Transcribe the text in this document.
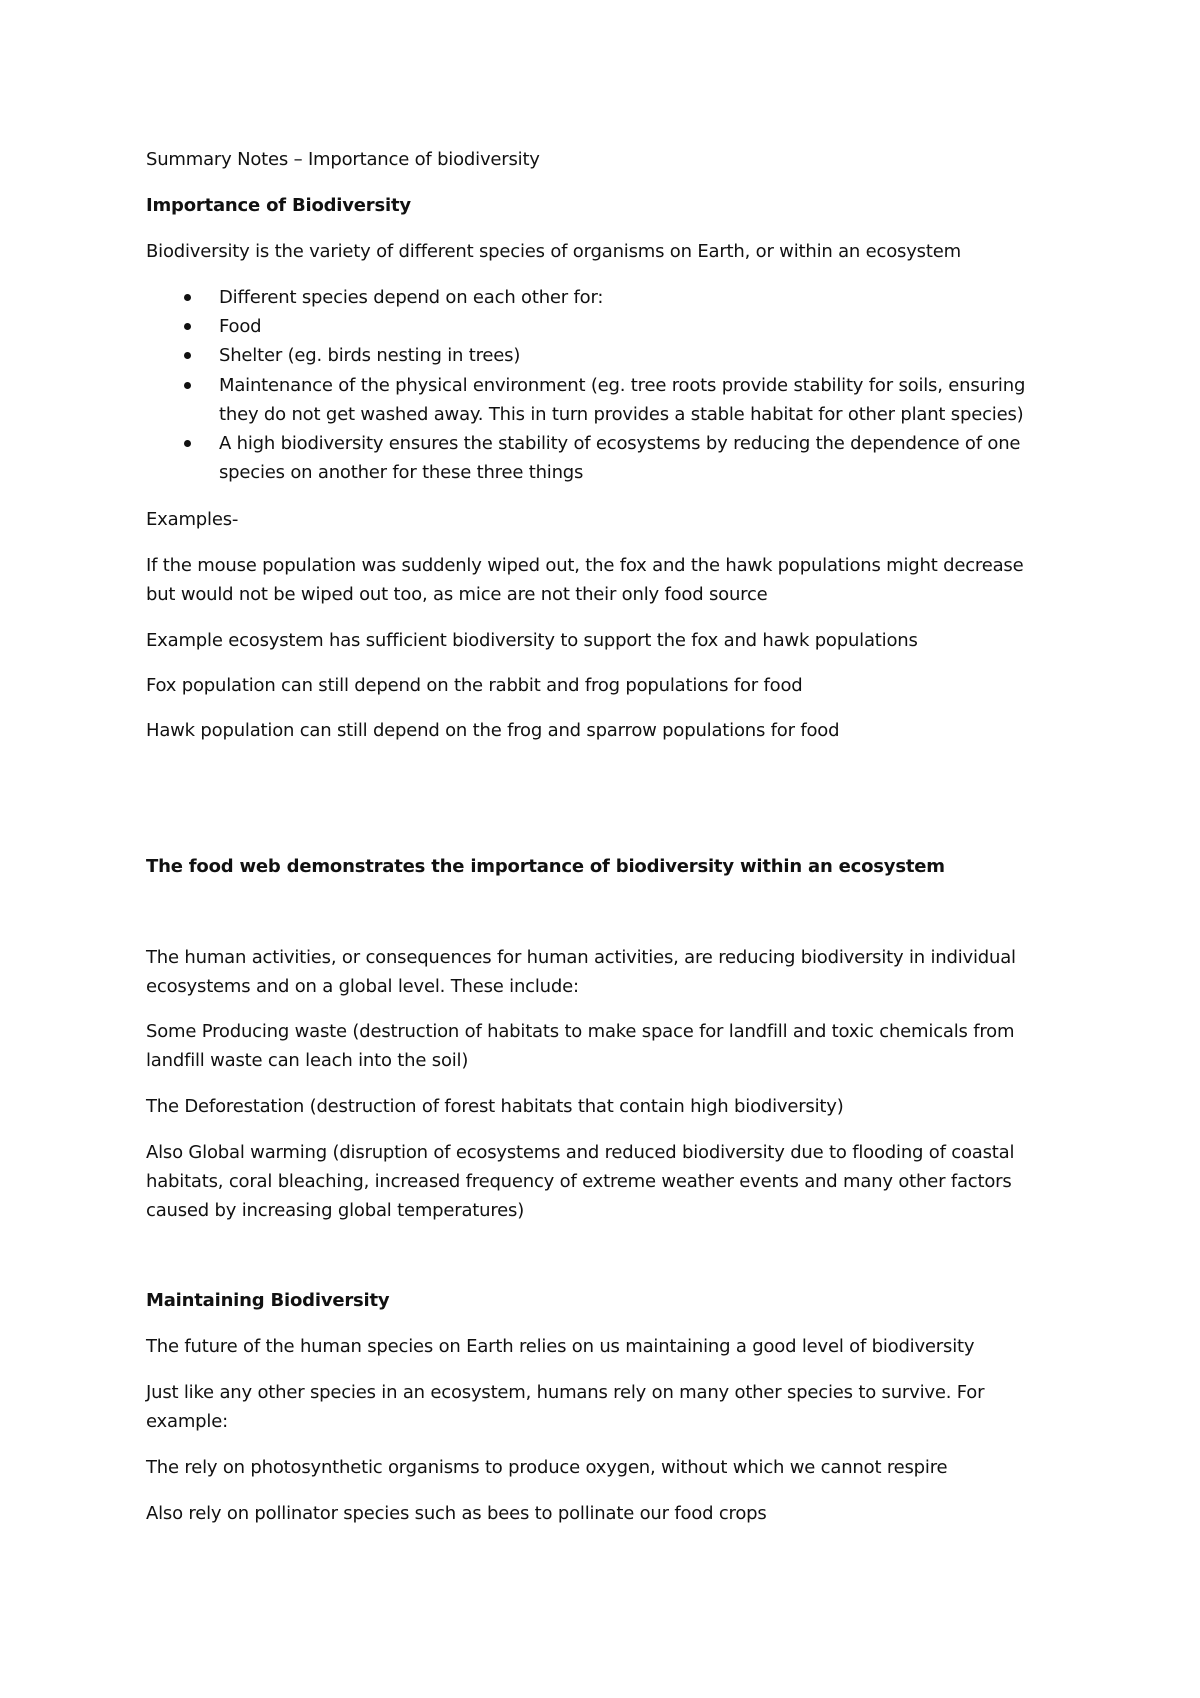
Summary Notes – Importance of biodiversity
Importance of Biodiversity
Biodiversity is the variety of different species of organisms on Earth, or within an ecosystem
Different species depend on each other for:
Food
Shelter (eg. birds nesting in trees)
Maintenance of the physical environment (eg. tree roots provide stability for soils, ensuring
they do not get washed away. This in turn provides a stable habitat for other plant species)
A high biodiversity ensures the stability of ecosystems by reducing the dependence of one
species on another for these three things
Examples-
If the mouse population was suddenly wiped out, the fox and the hawk populations might decrease
but would not be wiped out too, as mice are not their only food source
Example ecosystem has sufficient biodiversity to support the fox and hawk populations
Fox population can still depend on the rabbit and frog populations for food
Hawk population can still depend on the frog and sparrow populations for food
The food web demonstrates the importance of biodiversity within an ecosystem
The human activities, or consequences for human activities, are reducing biodiversity in individual
ecosystems and on a global level. These include:
Some Producing waste (destruction of habitats to make space for landfill and toxic chemicals from
landfill waste can leach into the soil)
The Deforestation (destruction of forest habitats that contain high biodiversity)
Also Global warming (disruption of ecosystems and reduced biodiversity due to flooding of coastal
habitats, coral bleaching, increased frequency of extreme weather events and many other factors
caused by increasing global temperatures)
Maintaining Biodiversity
The future of the human species on Earth relies on us maintaining a good level of biodiversity
Just like any other species in an ecosystem, humans rely on many other species to survive. For
example:
The rely on photosynthetic organisms to produce oxygen, without which we cannot respire
Also rely on pollinator species such as bees to pollinate our food crops
